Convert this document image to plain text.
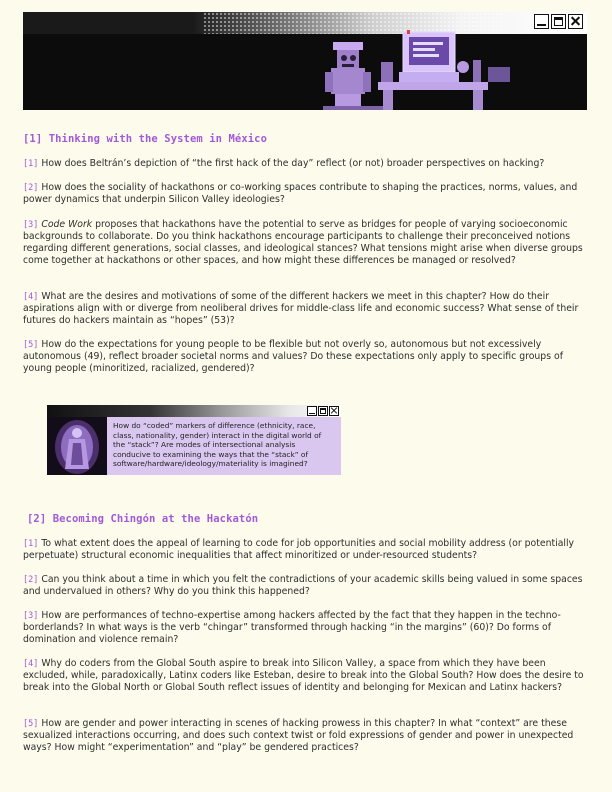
[1] Thinking with the System in México
[1] How does Beltrán’s depiction of “the first hack of the day” reflect (or not) broader perspectives on hacking?
[2] How does the sociality of hackathons or co-working spaces contribute to shaping the practices, norms, values, and power dynamics that underpin Silicon Valley ideologies?
[3] Code Work proposes that hackathons have the potential to serve as bridges for people of varying socioeconomic backgrounds to collaborate. Do you think hackathons encourage participants to challenge their preconceived notions regarding different generations, social classes, and ideological stances? What tensions might arise when diverse groups come together at hackathons or other spaces, and how might these differences be managed or resolved?
[4] What are the desires and motivations of some of the different hackers we meet in this chapter? How do their aspirations align with or diverge from neoliberal drives for middle-class life and economic success? What sense of their futures do hackers maintain as “hopes” (53)?
[5] How do the expectations for young people to be flexible but not overly so, autonomous but not excessively autonomous (49), reflect broader societal norms and values? Do these expectations only apply to specific groups of young people (minoritized, racialized, gendered)?
How do “coded” markers of difference (ethnicity, race, class, nationality, gender) interact in the digital world of the “stack”? Are modes of intersectional analysis conducive to examining the ways that the “stack” of software/hardware/ideology/materiality is imagined?
[2] Becoming Chingón at the Hackatón
[1] To what extent does the appeal of learning to code for job opportunities and social mobility address (or potentially perpetuate) structural economic inequalities that affect minoritized or under-resourced students?
[2] Can you think about a time in which you felt the contradictions of your academic skills being valued in some spaces and undervalued in others? Why do you think this happened?
[3] How are performances of techno-expertise among hackers affected by the fact that they happen in the techno-borderlands? In what ways is the verb “chingar” transformed through hacking “in the margins” (60)? Do forms of domination and violence remain?
[4] Why do coders from the Global South aspire to break into Silicon Valley, a space from which they have been excluded, while, paradoxically, Latinx coders like Esteban, desire to break into the Global South? How does the desire to break into the Global North or Global South reflect issues of identity and belonging for Mexican and Latinx hackers?
[5] How are gender and power interacting in scenes of hacking prowess in this chapter? In what “context” are these sexualized interactions occurring, and does such context twist or fold expressions of gender and power in unexpected ways? How might “experimentation” and “play” be gendered practices?
